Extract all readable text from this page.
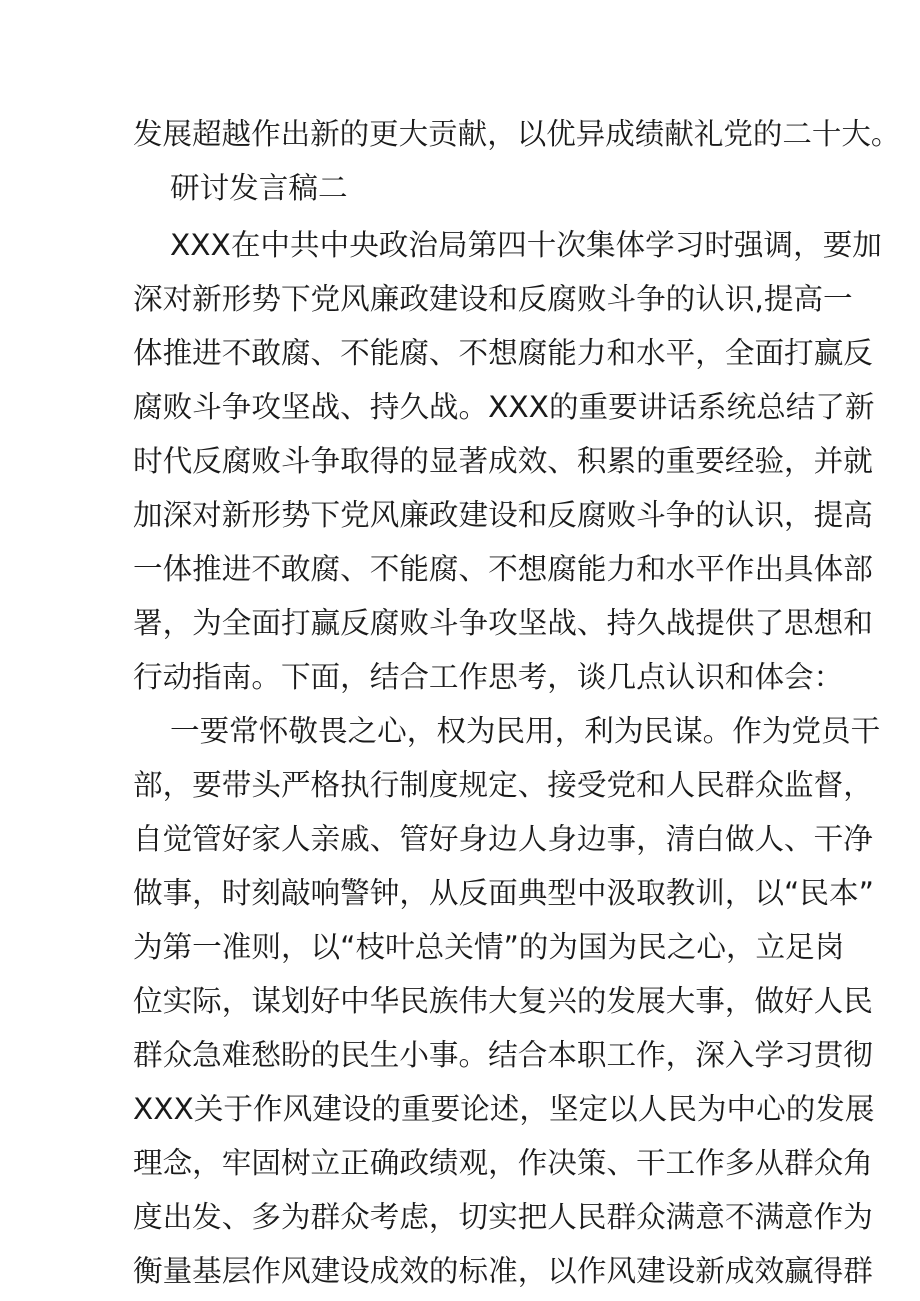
发展超越作出新的更大贡献，以优异成绩献礼党的二十大。
研讨发言稿二
XXX在中共中央政治局第四十次集体学习时强调，要加
深对新形势下党风廉政建设和反腐败斗争的认识,提高一
体推进不敢腐、不能腐、不想腐能力和水平，全面打赢反
腐败斗争攻坚战、持久战。XXX的重要讲话系统总结了新
时代反腐败斗争取得的显著成效、积累的重要经验，并就
加深对新形势下党风廉政建设和反腐败斗争的认识，提高
一体推进不敢腐、不能腐、不想腐能力和水平作出具体部
署，为全面打赢反腐败斗争攻坚战、持久战提供了思想和
行动指南。下面，结合工作思考，谈几点认识和体会：
一要常怀敬畏之心，权为民用，利为民谋。作为党员干
部，要带头严格执行制度规定、接受党和人民群众监督，
自觉管好家人亲戚、管好身边人身边事，清白做人、干净
做事，时刻敲响警钟，从反面典型中汲取教训，以“民本”
为第一准则，以“枝叶总关情”的为国为民之心，立足岗
位实际，谋划好中华民族伟大复兴的发展大事，做好人民
群众急难愁盼的民生小事。结合本职工作，深入学习贯彻
XXX关于作风建设的重要论述，坚定以人民为中心的发展
理念，牢固树立正确政绩观，作决策、干工作多从群众角
度出发、多为群众考虑，切实把人民群众满意不满意作为
衡量基层作风建设成效的标准，以作风建设新成效赢得群
